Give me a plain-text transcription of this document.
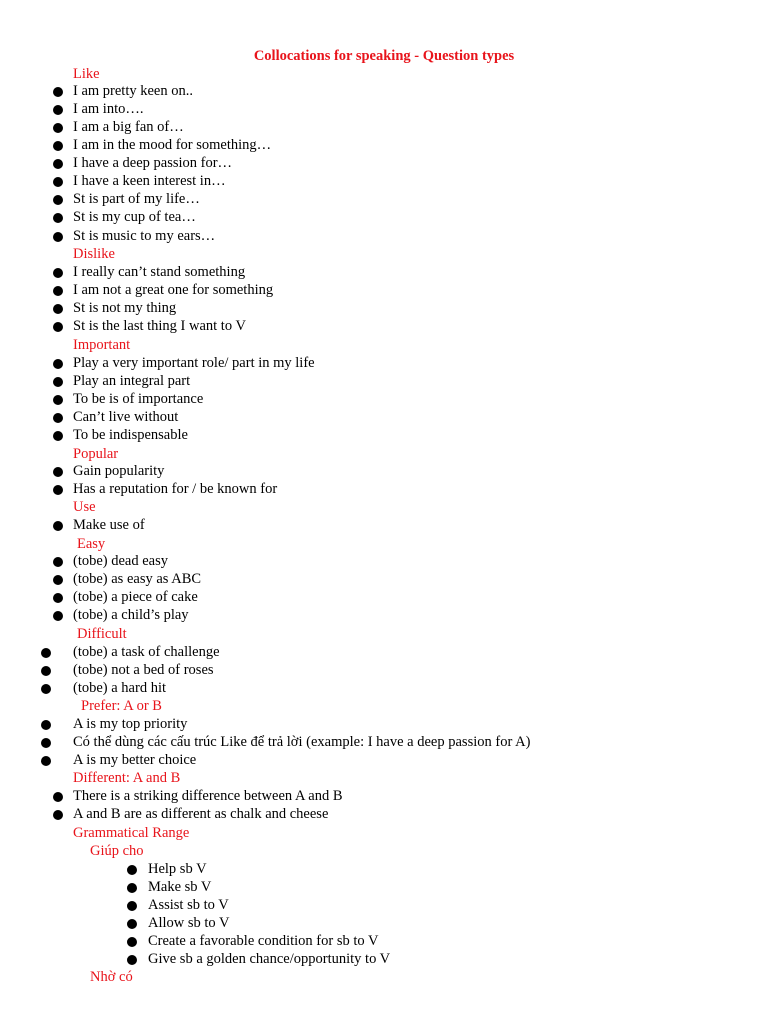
Collocations for speaking - Question types
Like
I am pretty keen on..
I am into….
I am a big fan of…
I am in the mood for something…
I have a deep passion for…
I have a keen interest in…
St is part of my life…
St is my cup of tea…
St is music to my ears…
Dislike
I really can’t stand something
I am not a great one for something
St is not my thing
St is the last thing I want to V
Important
Play a very important role/ part in my life
Play an integral part
To be is of importance
Can’t live without
To be indispensable
Popular
Gain popularity
Has a reputation for / be known for
Use
Make use of
Easy
(tobe) dead easy
(tobe) as easy as ABC
(tobe) a piece of cake
(tobe) a child’s play
Difficult
(tobe) a task of challenge
(tobe) not a bed of roses
(tobe) a hard hit
Prefer: A or B
A is my top priority
Có thể dùng các cấu trúc Like để trả lời (example: I have a deep passion for A)
A is my better choice
Different: A and B
There is a striking difference between A and B
A and B are as different as chalk and cheese
Grammatical Range
Giúp cho
Help sb V
Make sb V
Assist sb to V
Allow sb to V
Create a favorable condition for sb to V
Give sb a golden chance/opportunity to V
Nhờ có
